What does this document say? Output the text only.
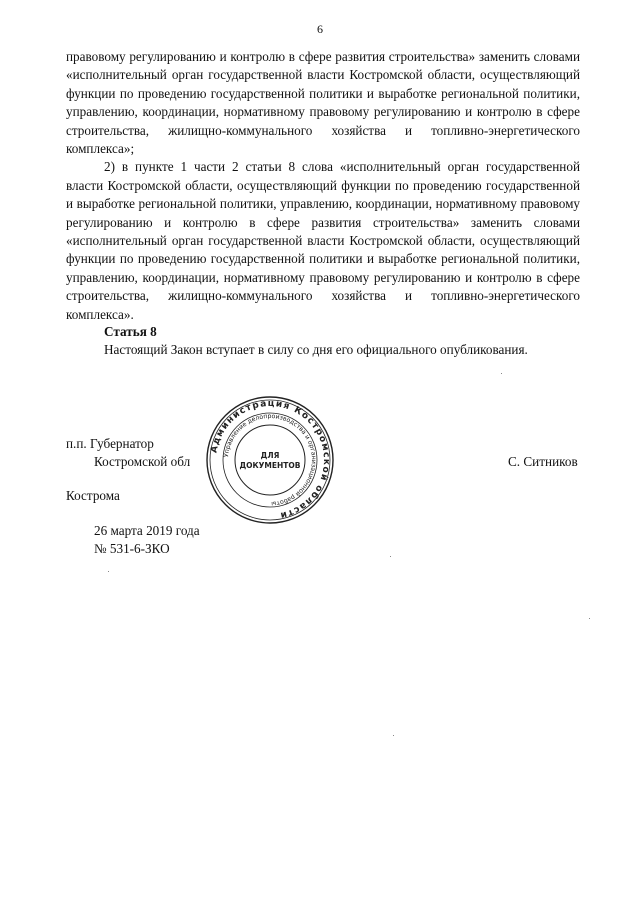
6

правовому регулированию и контролю в сфере развития строительства» заменить словами «исполнительный орган государственной власти Костромской области, осуществляющий функции по проведению государственной политики и выработке региональной политики, управлению, координации, нормативному правовому регулированию и контролю в сфере строительства, жилищно-коммунального хозяйства и топливно-энергетического комплекса»;

2) в пункте 1 части 2 статьи 8 слова «исполнительный орган государственной власти Костромской области, осуществляющий функции по проведению государственной и выработке региональной политики, управлению, координации, нормативному правовому регулированию и контролю в сфере развития строительства» заменить словами «исполнительный орган государственной власти Костромской области, осуществляющий функции по проведению государственной политики и выработке региональной политики, управлению, координации, нормативному правовому регулированию и контролю в сфере строительства, жилищно-коммунального хозяйства и топливно-энергетического комплекса».

Статья 8
Настоящий Закон вступает в силу со дня его официального опубликования.
п.п. Губернатор
Костромской обл	С. Ситников
Администрация Костромской области
Управление делопроизводства и организационной работы
ДЛЯ
ДОКУМЕНТОВ
Кострома
26 марта 2019 года
№ 531-6-ЗКО
